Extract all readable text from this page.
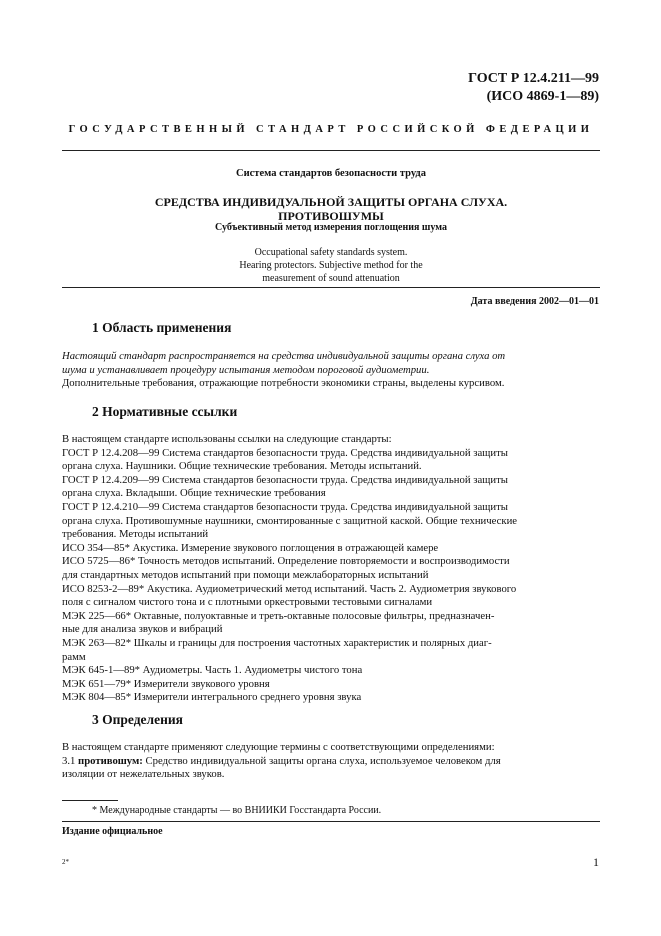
ГОСТ Р 12.4.211—99
(ИСО 4869-1—89)
ГОСУДАРСТВЕННЫЙ СТАНДАРТ РОССИЙСКОЙ ФЕДЕРАЦИИ
Система стандартов безопасности труда
СРЕДСТВА ИНДИВИДУАЛЬНОЙ ЗАЩИТЫ ОРГАНА СЛУХА.
ПРОТИВОШУМЫ
Субъективный метод измерения поглощения шума
Occupational safety standards system.
Hearing protectors. Subjective method for the
measurement of sound attenuation
Дата введения 2002—01—01
1 Область применения
Настоящий стандарт распространяется на средства индивидуальной защиты органа слуха от
шума и устанавливает процедуру испытания методом пороговой аудиометрии.
Дополнительные требования, отражающие потребности экономики страны, выделены курсивом.
2 Нормативные ссылки
В настоящем стандарте использованы ссылки на следующие стандарты:
ГОСТ Р 12.4.208—99 Система стандартов безопасности труда. Средства индивидуальной защиты
органа слуха. Наушники. Общие технические требования. Методы испытаний.
ГОСТ Р 12.4.209—99 Система стандартов безопасности труда. Средства индивидуальной защиты
органа слуха. Вкладыши. Общие технические требования
ГОСТ Р 12.4.210—99 Система стандартов безопасности труда. Средства индивидуальной защиты
органа слуха. Противошумные наушники, смонтированные с защитной каской. Общие технические
требования. Методы испытаний
ИСО 354—85* Акустика. Измерение звукового поглощения в отражающей камере
ИСО 5725—86* Точность методов испытаний. Определение повторяемости и воспроизводимости
для стандартных методов испытаний при помощи межлабораторных испытаний
ИСО 8253-2—89* Акустика. Аудиометрический метод испытаний. Часть 2. Аудиометрия звукового
поля с сигналом чистого тона и с плотными оркестровыми тестовыми сигналами
МЭК 225—66* Октавные, полуоктавные и треть-октавные полосовые фильтры, предназначен-
ные для анализа звуков и вибраций
МЭК 263—82* Шкалы и границы для построения частотных характеристик и полярных диаг-
рамм
МЭК 645-1—89* Аудиометры. Часть 1. Аудиометры чистого тона
МЭК 651—79* Измерители звукового уровня
МЭК 804—85* Измерители интегрального среднего уровня звука
3 Определения
В настоящем стандарте применяют следующие термины с соответствующими определениями:
3.1 противошум: Средство индивидуальной защиты органа слуха, используемое человеком для
изоляции от нежелательных звуков.
* Международные стандарты — во ВНИИКИ Госстандарта России.
Издание официальное
2*	1
